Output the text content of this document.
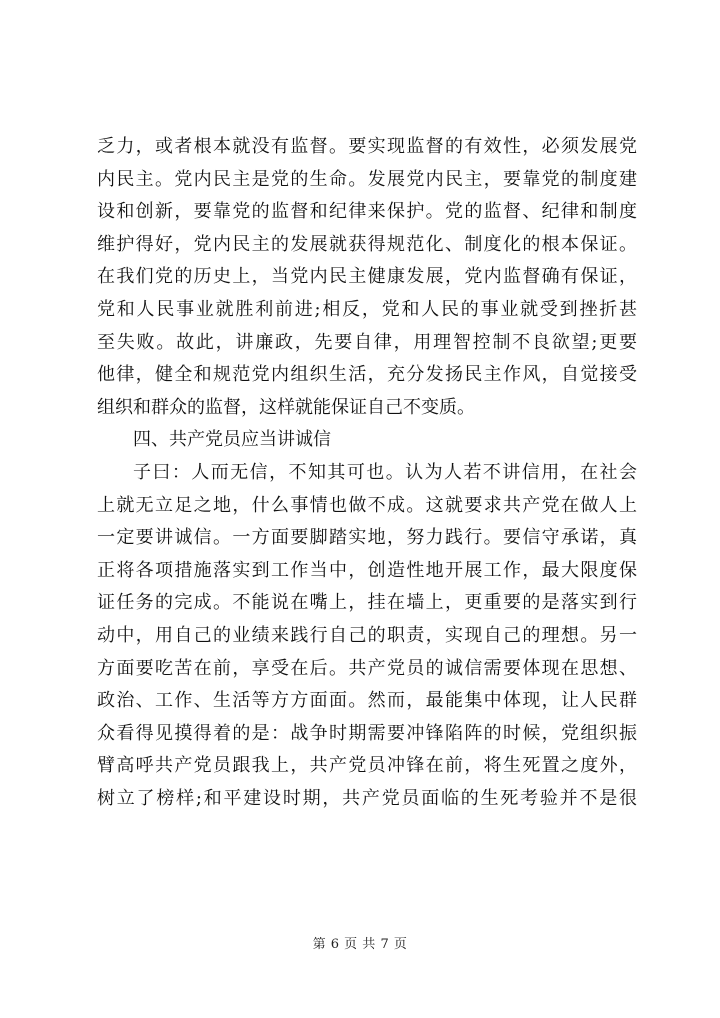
乏力，或者根本就没有监督。要实现监督的有效性，必须发展党
内民主。党内民主是党的生命。发展党内民主，要靠党的制度建
设和创新，要靠党的监督和纪律来保护。党的监督、纪律和制度
维护得好，党内民主的发展就获得规范化、制度化的根本保证。
在我们党的历史上，当党内民主健康发展，党内监督确有保证，
党和人民事业就胜利前进;相反，党和人民的事业就受到挫折甚
至失败。故此，讲廉政，先要自律，用理智控制不良欲望;更要
他律，健全和规范党内组织生活，充分发扬民主作风，自觉接受
组织和群众的监督，这样就能保证自己不变质。
四、共产党员应当讲诚信
子曰：人而无信，不知其可也。认为人若不讲信用，在社会
上就无立足之地，什么事情也做不成。这就要求共产党在做人上
一定要讲诚信。一方面要脚踏实地，努力践行。要信守承诺，真
正将各项措施落实到工作当中，创造性地开展工作，最大限度保
证任务的完成。不能说在嘴上，挂在墙上，更重要的是落实到行
动中，用自己的业绩来践行自己的职责，实现自己的理想。另一
方面要吃苦在前，享受在后。共产党员的诚信需要体现在思想、
政治、工作、生活等方方面面。然而，最能集中体现，让人民群
众看得见摸得着的是：战争时期需要冲锋陷阵的时候，党组织振
臂高呼共产党员跟我上，共产党员冲锋在前，将生死置之度外，
树立了榜样;和平建设时期，共产党员面临的生死考验并不是很
第 6 页 共 7 页
